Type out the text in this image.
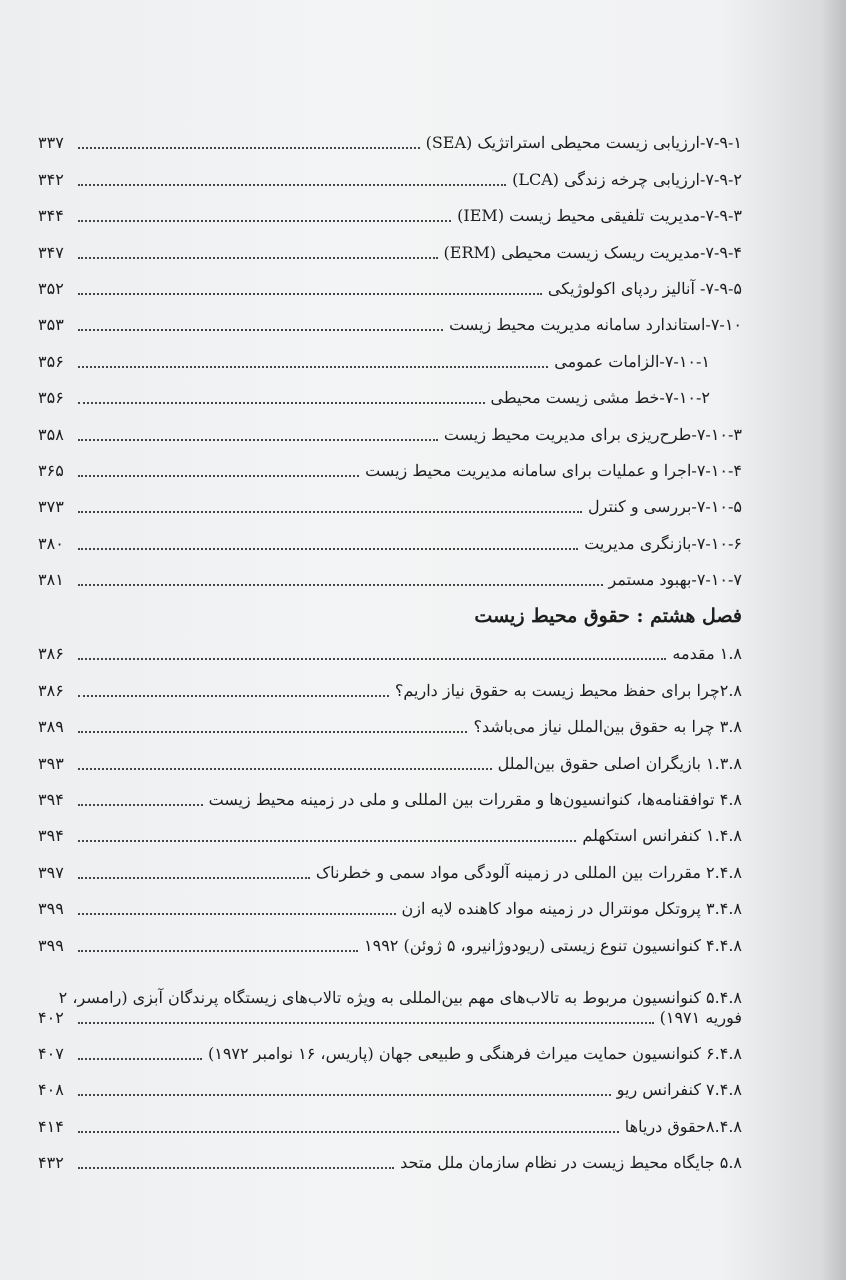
۷-۹-۱-ارزیابی زیست محیطی استراتژیک (SEA)
۳۳۷
۷-۹-۲-ارزیابی چرخه زندگی (LCA)
۳۴۲
۷-۹-۳-مدیریت تلفیقی محیط زیست (IEM)
۳۴۴
۷-۹-۴-مدیریت ریسک زیست محیطی (ERM)
۳۴۷
۷-۹-۵- آنالیز ردپای اکولوژیکی
۳۵۲
۷-۱۰-استاندارد سامانه مدیریت محیط زیست
۳۵۳
۷-۱۰-۱-الزامات عمومی
۳۵۶
۷-۱۰-۲-خط مشی زیست محیطی
۳۵۶
۷-۱۰-۳-طرح‌ریزی برای مدیریت محیط زیست
۳۵۸
۷-۱۰-۴-اجرا و عملیات برای سامانه مدیریت محیط زیست
۳۶۵
۷-۱۰-۵-بررسی و کنترل
۳۷۳
۷-۱۰-۶-بازنگری مدیریت
۳۸۰
۷-۱۰-۷-بهبود مستمر
۳۸۱
فصل هشتم : حقوق محیط زیست
۱.۸ مقدمه
۳۸۶
۲.۸چرا برای حفظ محیط زیست به حقوق نیاز داریم؟
۳۸۶
۳.۸ چرا به حقوق بین‌الملل نیاز می‌باشد؟
۳۸۹
۱.۳.۸ بازیگران اصلی حقوق بین‌الملل
۳۹۳
۴.۸ توافقنامه‌ها، کنوانسیون‌ها و مقررات بین المللی و ملی در زمینه محیط زیست
۳۹۴
۱.۴.۸ کنفرانس استکهلم
۳۹۴
۲.۴.۸ مقررات بین المللی در زمینه آلودگی مواد سمی و خطرناک
۳۹۷
۳.۴.۸ پروتکل مونترال در زمینه مواد کاهنده لایه ازن
۳۹۹
۴.۴.۸ کنوانسیون تنوع زیستی (ریودوژانیرو، ۵ ژوئن) ۱۹۹۲
۳۹۹
۵.۴.۸ کنوانسیون مربوط به تالاب‌های مهم بین‌المللی به ویژه تالاب‌های زیستگاه پرندگان آبزی (رامسر، ۲
فوریه ۱۹۷۱)
۴۰۲
۶.۴.۸ کنوانسیون حمایت میراث فرهنگی و طبیعی جهان (پاریس، ۱۶ نوامبر ۱۹۷۲)
۴۰۷
۷.۴.۸ کنفرانس ریو
۴۰۸
۸.۴.۸حقوق دریاها
۴۱۴
۵.۸ جایگاه محیط زیست در نظام سازمان ملل متحد
۴۳۲
